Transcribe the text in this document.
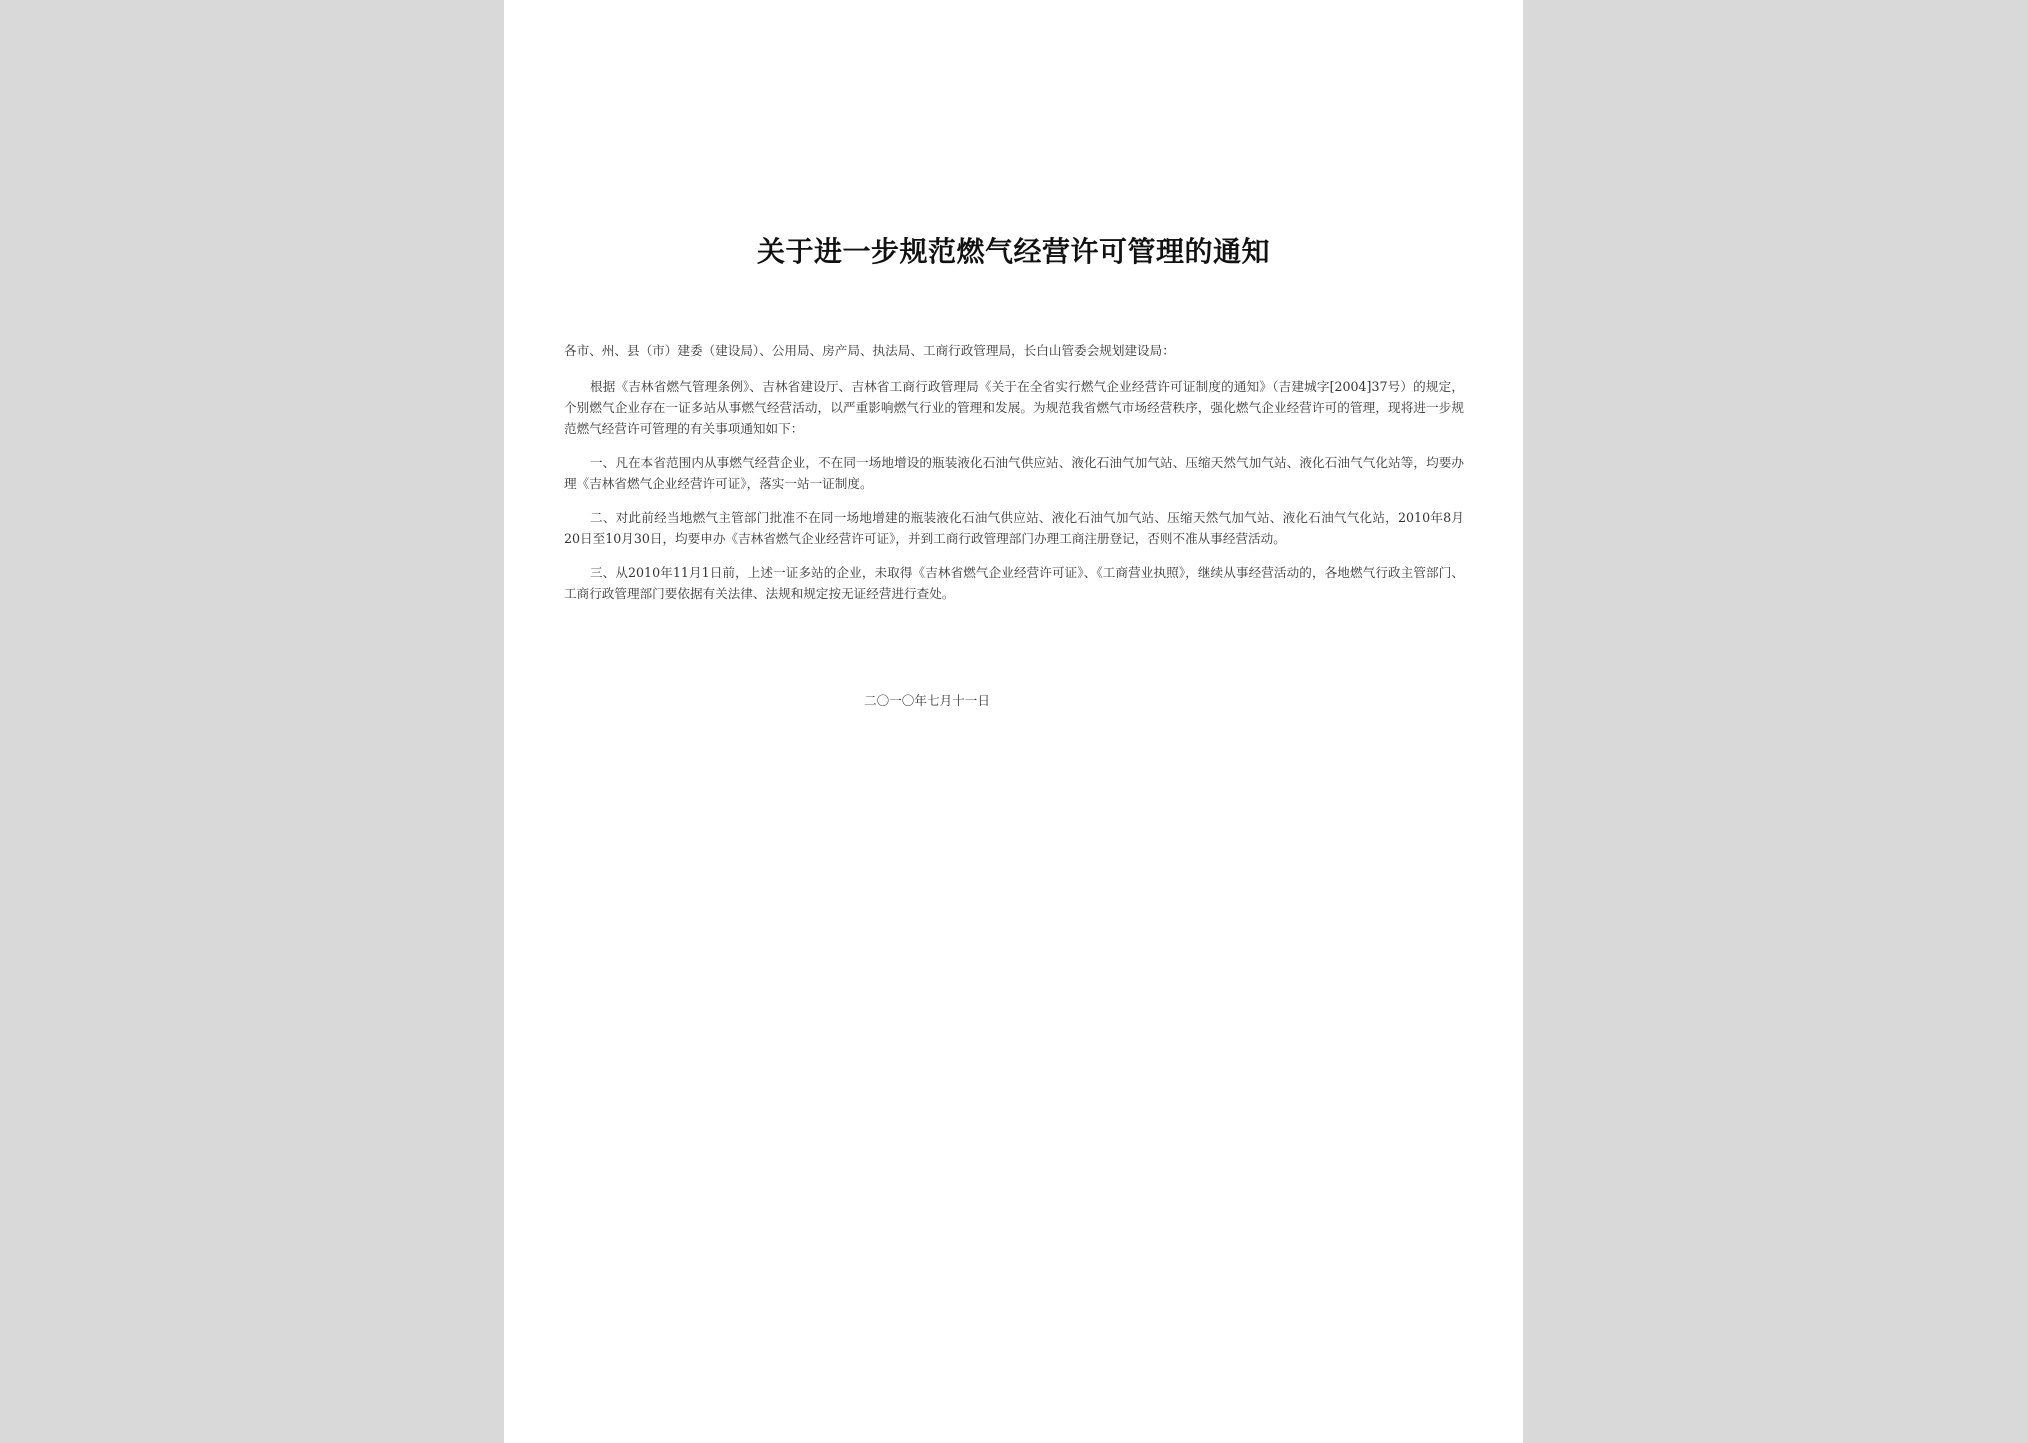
关于进一步规范燃气经营许可管理的通知
各市、州、县（市）建委（建设局）、公用局、房产局、执法局、工商行政管理局，长白山管委会规划建设局：
根据《吉林省燃气管理条例》、吉林省建设厅、吉林省工商行政管理局《关于在全省实行燃气企业经营许可证制度的通知》（吉建城字[2004]37号）的规定，个别燃气企业存在一证多站从事燃气经营活动，以严重影响燃气行业的管理和发展。为规范我省燃气市场经营秩序，强化燃气企业经营许可的管理，现将进一步规范燃气经营许可管理的有关事项通知如下：
一、凡在本省范围内从事燃气经营企业，不在同一场地增设的瓶装液化石油气供应站、液化石油气加气站、压缩天然气加气站、液化石油气气化站等，均要办理《吉林省燃气企业经营许可证》，落实一站一证制度。
二、对此前经当地燃气主管部门批准不在同一场地增建的瓶装液化石油气供应站、液化石油气加气站、压缩天然气加气站、液化石油气气化站，2010年8月20日至10月30日，均要申办《吉林省燃气企业经营许可证》，并到工商行政管理部门办理工商注册登记，否则不准从事经营活动。
三、从2010年11月1日前，上述一证多站的企业，未取得《吉林省燃气企业经营许可证》、《工商营业执照》，继续从事经营活动的，各地燃气行政主管部门、工商行政管理部门要依据有关法律、法规和规定按无证经营进行查处。
二〇一〇年七月十一日
